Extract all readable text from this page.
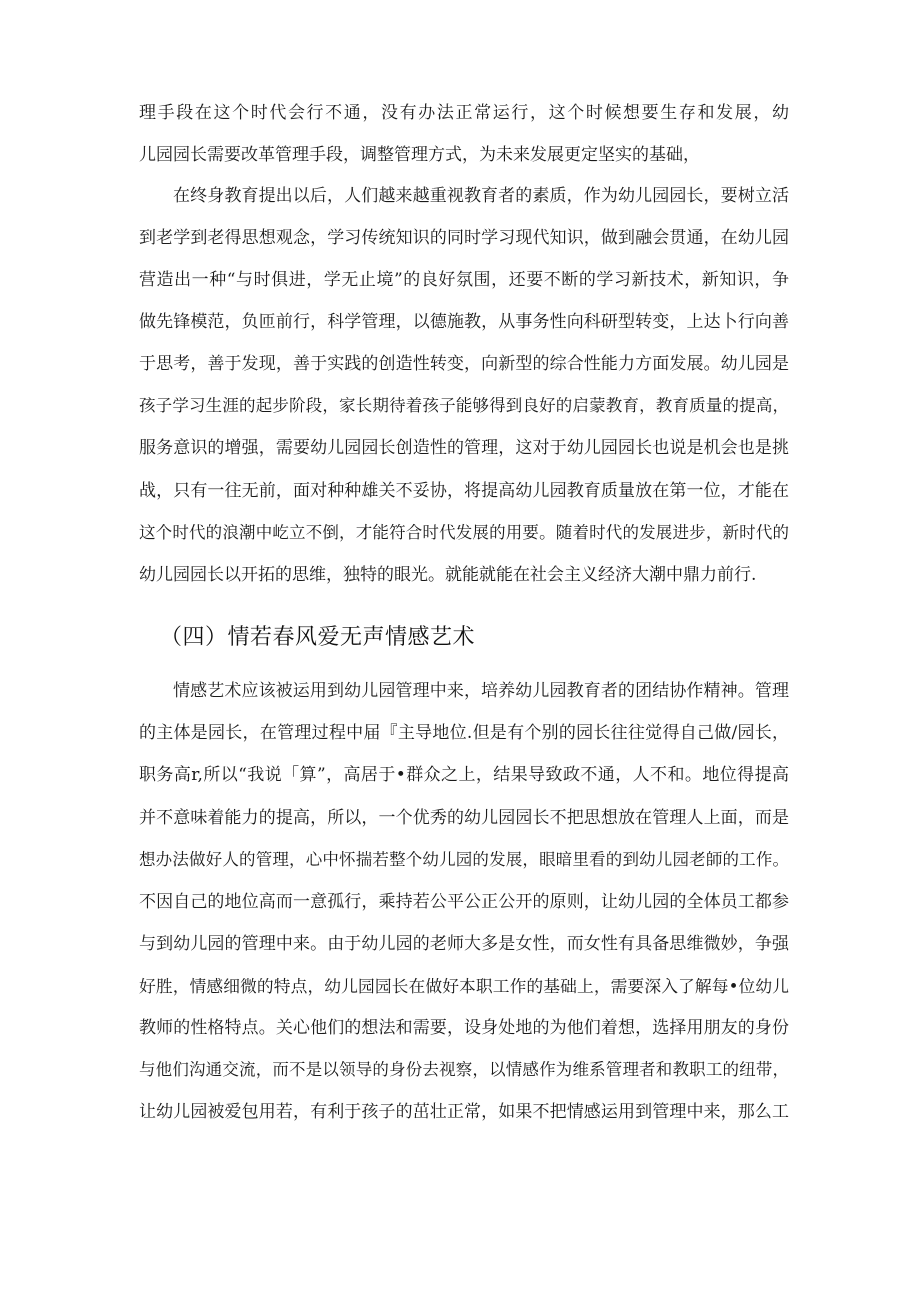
理手段在这个时代会行不通，没有办法正常运行，这个时候想要生存和发展，幼
儿园园长需要改革管理手段，调整管理方式，为未来发展更定坚实的基础，
在终身教育提出以后，人们越来越重视教育者的素质，作为幼儿园园长，要树立活
到老学到老得思想观念，学习传统知识的同时学习现代知识，做到融会贯通，在幼儿园
营造出一种“与时俱进，学无止境”的良好氛围，还要不断的学习新技术，新知识，争
做先锋模范，负匝前行，科学管理，以德施教，从事务性向科研型转变，上达卜行向善
于思考，善于发现，善于实践的创造性转变，向新型的综合性能力方面发展。幼儿园是
孩子学习生涯的起步阶段，家长期待着孩子能够得到良好的启蒙教育，教育质量的提高，
服务意识的增强，需要幼儿园园长创造性的管理，这对于幼儿园园长也说是机会也是挑
战，只有一往无前，面对种种雄关不妥协，将提高幼儿园教育质量放在第一位，才能在
这个时代的浪潮中屹立不倒，才能符合时代发展的用要。随着时代的发展进步，新时代的
幼儿园园长以开拓的思维，独特的眼光。就能就能在社会主义经济大潮中鼎力前行.
（四）情若春风爱无声情感艺术
情感艺术应该被运用到幼儿园管理中来，培养幼儿园教育者的团结协作精神。管理
的主体是园长，在管理过程中届『主导地位.但是有个别的园长往往觉得自己做/园长，
职务高r,所以“我说「算”，高居于•群众之上，结果导致政不通，人不和。地位得提高
并不意味着能力的提高，所以，一个优秀的幼儿园园长不把思想放在管理人上面，而是
想办法做好人的管理，心中怀揣若整个幼儿园的发展，眼暗里看的到幼儿园老師的工作。
不因自己的地位高而一意孤行，乘持若公平公正公开的原则，让幼儿园的全体员工都参
与到幼儿园的管理中来。由于幼儿园的老师大多是女性，而女性有具备思维微妙，争强
好胜，情感细微的特点，幼儿园园长在做好本职工作的基础上，需要深入了解每•位幼儿
教师的性格特点。关心他们的想法和需要，设身处地的为他们着想，选择用朋友的身份
与他们沟通交流，而不是以领导的身份去视察，以情感作为维系管理者和教职工的纽带，
让幼儿园被爱包用若，有利于孩子的茁壮正常，如果不把情感运用到管理中来，那么工
